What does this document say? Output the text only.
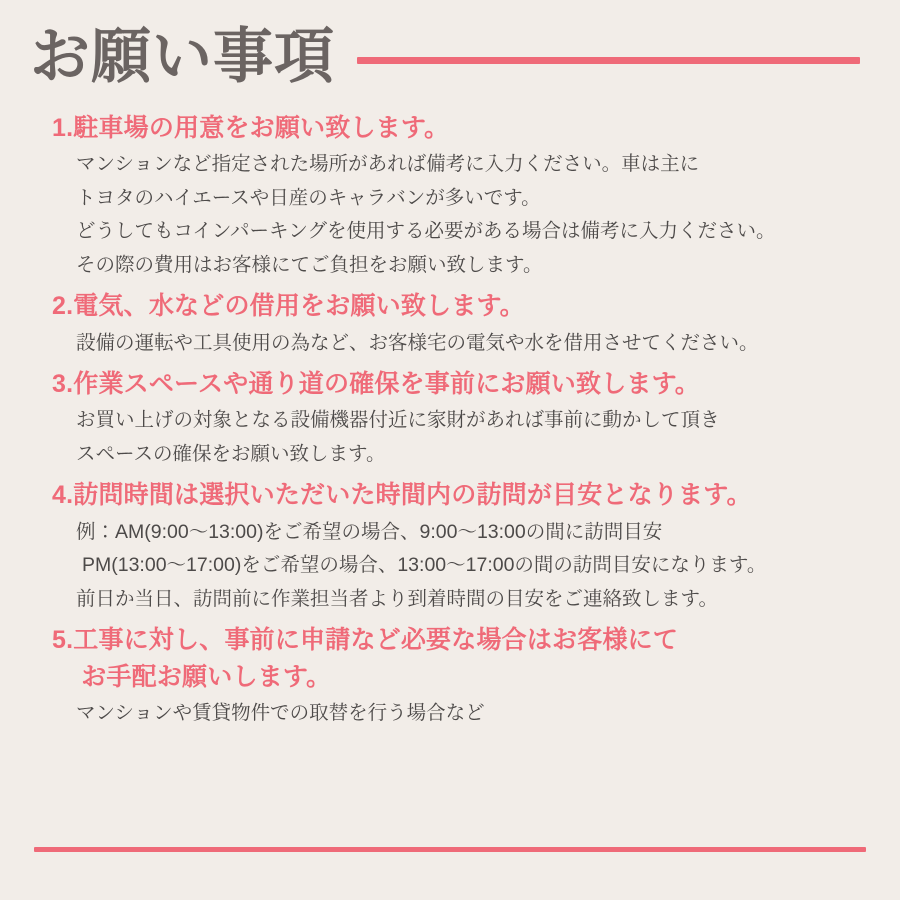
お願い事項
1. 駐車場の用意をお願い致します。

マンションなど指定された場所があれば備考に入力ください。車は主に

トヨタのハイエースや日産のキャラバンが多いです。

どうしてもコインパーキングを使用する必要がある場合は備考に入力ください。

その際の費用はお客様にてご負担をお願い致します。

2. 電気、水などの借用をお願い致します。

設備の運転や工具使用の為など、お客様宅の電気や水を借用させてください。

3. 作業スペースや通り道の確保を事前にお願い致します。

お買い上げの対象となる設備機器付近に家財があれば事前に動かして頂き

スペースの確保をお願い致します。

4. 訪問時間は選択いただいた時間内の訪問が目安となります。

例：AM(9:00〜13:00)をご希望の場合、9:00〜13:00の間に訪問目安

PM(13:00〜17:00)をご希望の場合、13:00〜17:00の間の訪問目安になります。

前日か当日、訪問前に作業担当者より到着時間の目安をご連絡致します。

5. 工事に対し、事前に申請など必要な場合はお客様にて
お手配お願いします。

マンションや賃貸物件での取替を行う場合など
